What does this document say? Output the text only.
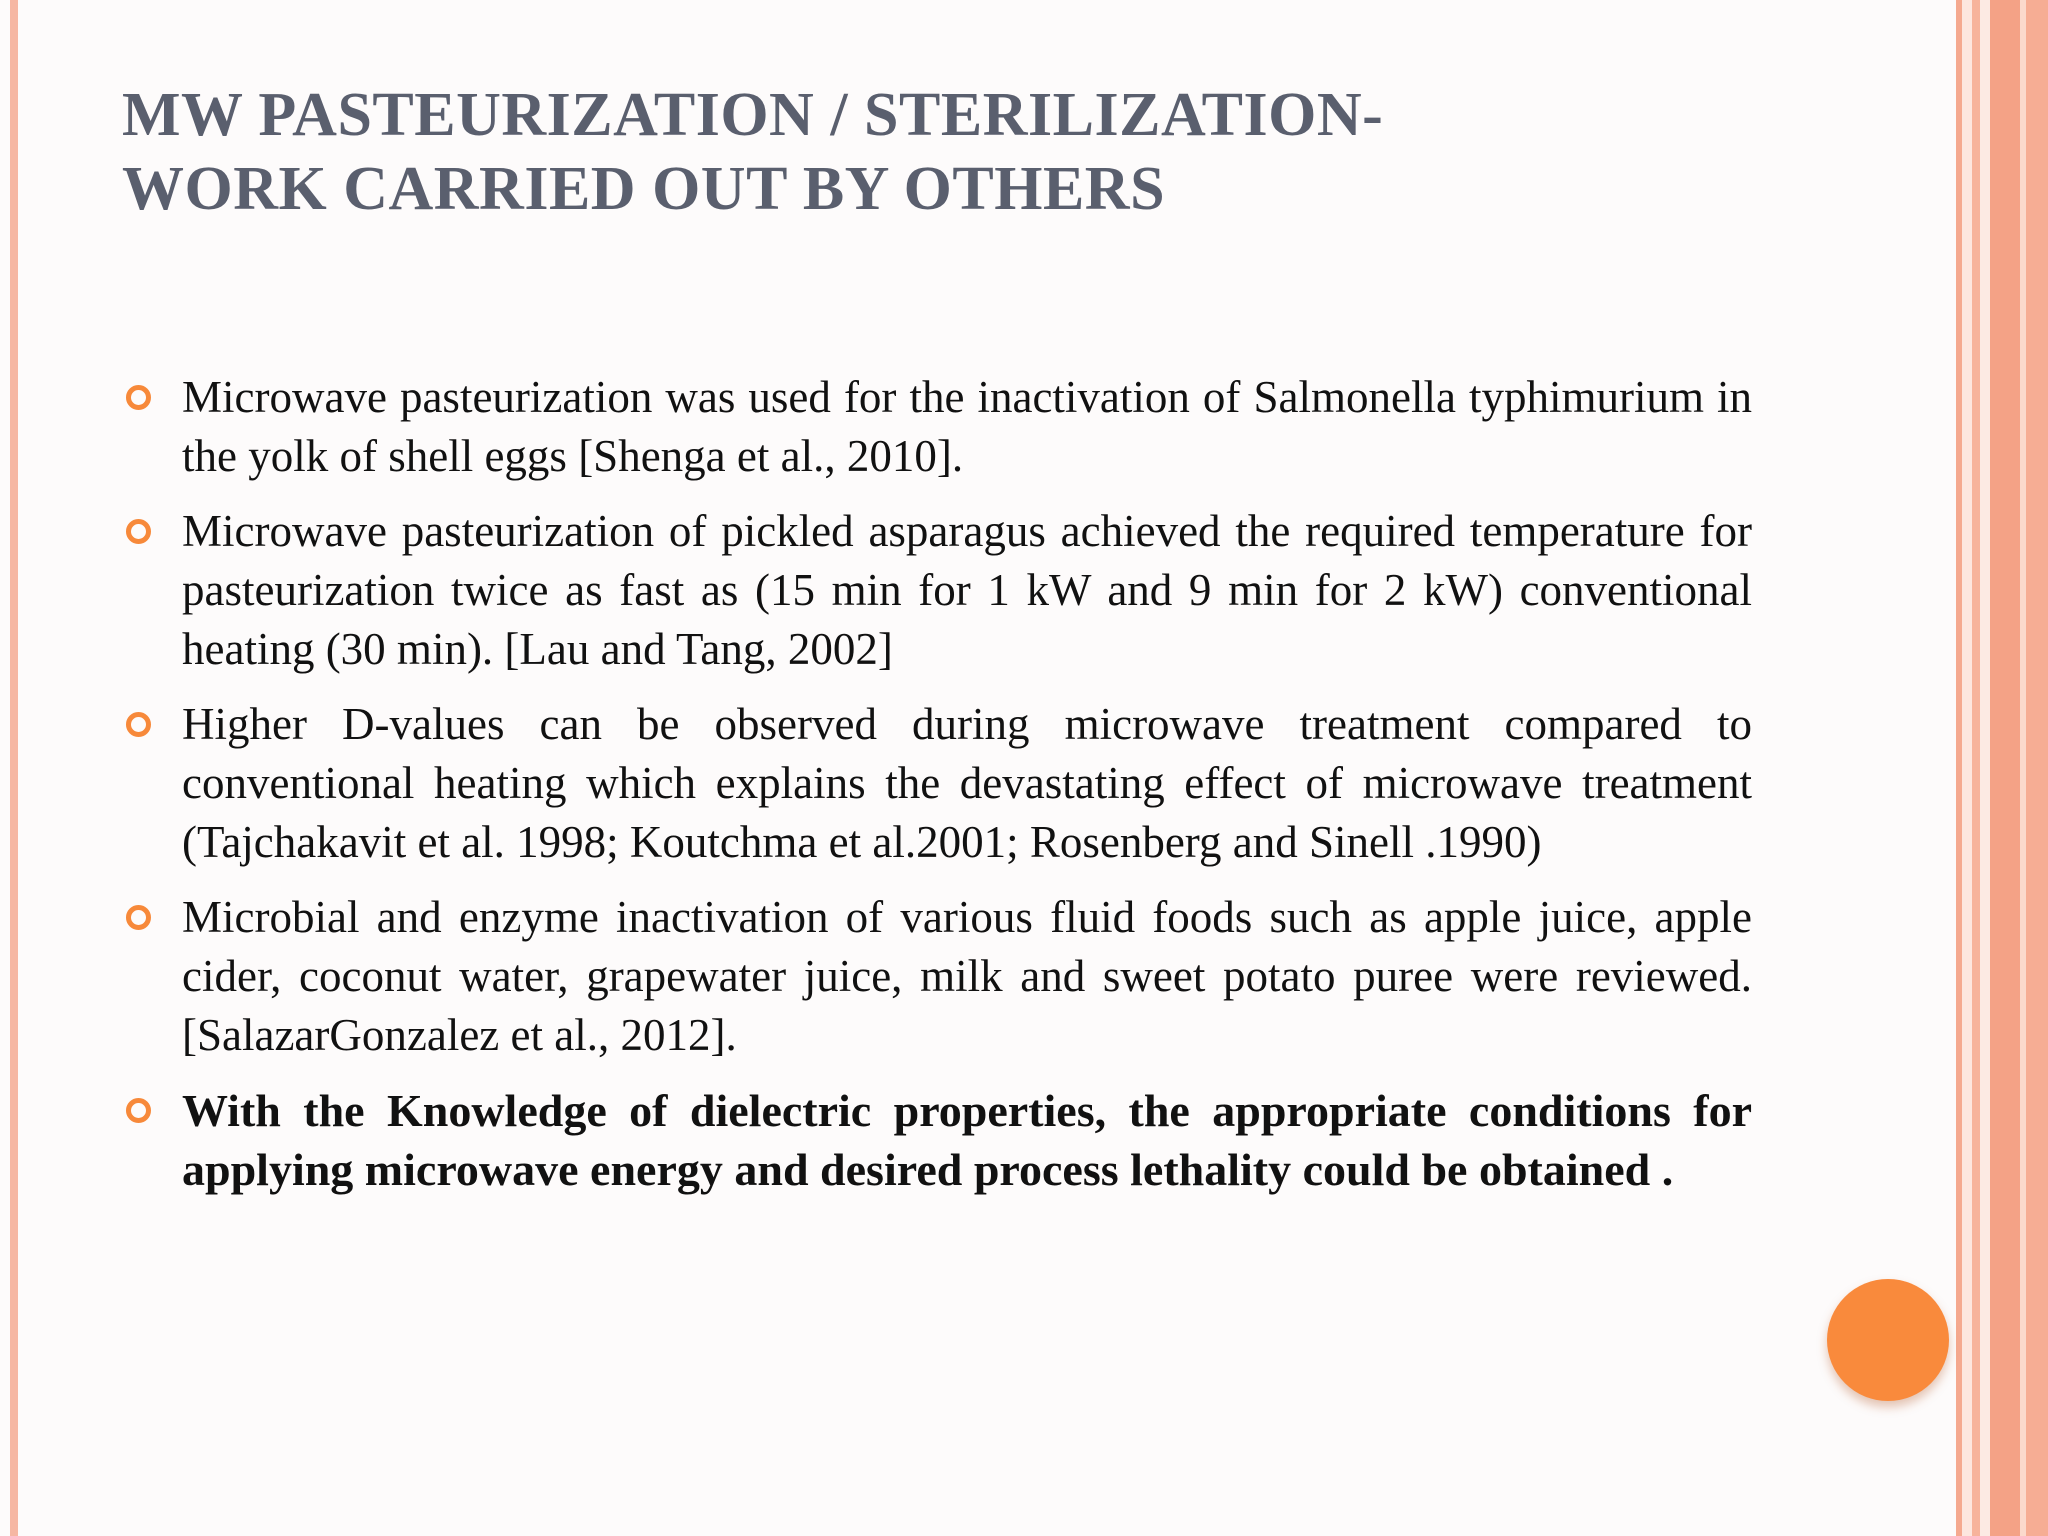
MW PASTEURIZATION / STERILIZATION-
WORK CARRIED OUT BY OTHERS
Microwave pasteurization was used for the inactivation of Salmonella typhimurium in the yolk of shell eggs [Shenga et al., 2010].
Microwave pasteurization of pickled asparagus achieved the required temperature for pasteurization twice as fast as (15 min for 1 kW and 9 min for 2 kW) conventional heating (30 min). [Lau and Tang, 2002]
Higher D-values can be observed during microwave treatment compared to conventional heating which explains the devastating effect of microwave treatment (Tajchakavit et al. 1998; Koutchma et al.2001; Rosenberg and Sinell .1990)
Microbial and enzyme inactivation of various fluid foods such as apple juice, apple cider, coconut water, grapewater juice, milk and sweet potato puree were reviewed. [SalazarGonzalez et al., 2012].
With the Knowledge of dielectric properties, the appropriate conditions for applying microwave energy and desired process lethality could be obtained .
